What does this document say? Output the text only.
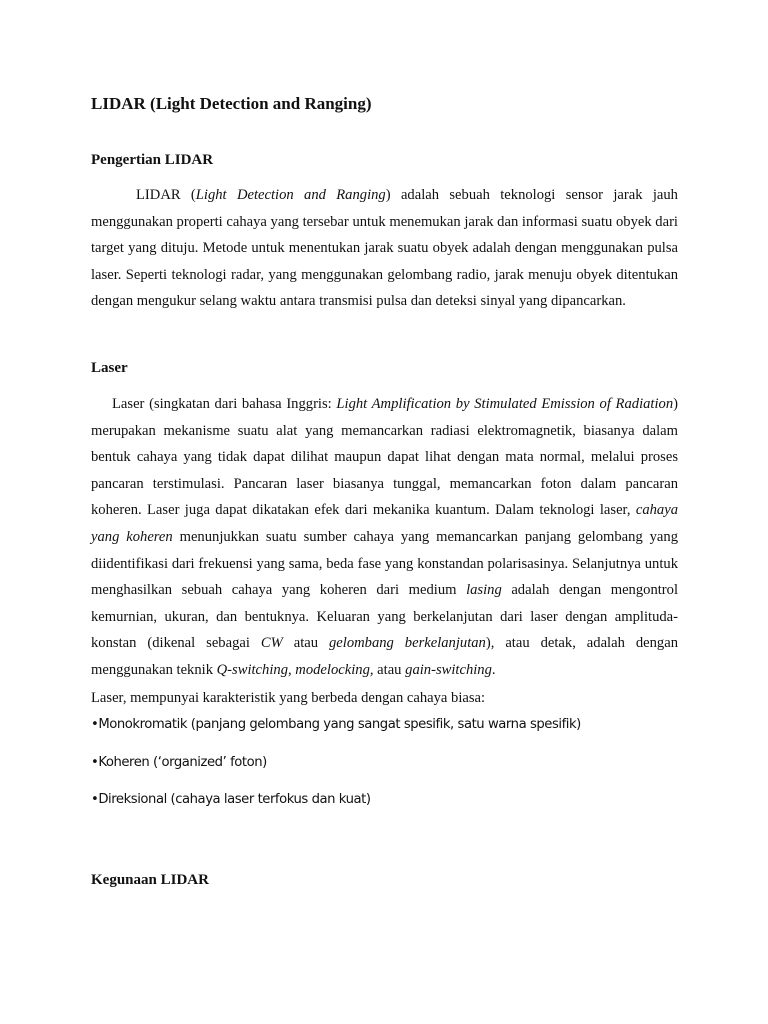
LIDAR (Light Detection and Ranging)
Pengertian LIDAR

LIDAR (Light Detection and Ranging) adalah sebuah teknologi sensor jarak jauh menggunakan properti cahaya yang tersebar untuk menemukan jarak dan informasi suatu obyek dari target yang dituju. Metode untuk menentukan jarak suatu obyek adalah dengan menggunakan pulsa laser. Seperti teknologi radar, yang menggunakan gelombang radio, jarak menuju obyek ditentukan dengan mengukur selang waktu antara transmisi pulsa dan deteksi sinyal yang dipancarkan.

Laser

Laser (singkatan dari bahasa Inggris: Light Amplification by Stimulated Emission of Radiation) merupakan mekanisme suatu alat yang memancarkan radiasi elektromagnetik, biasanya dalam bentuk cahaya yang tidak dapat dilihat maupun dapat lihat dengan mata normal, melalui proses pancaran terstimulasi. Pancaran laser biasanya tunggal, memancarkan foton dalam pancaran koheren. Laser juga dapat dikatakan efek dari mekanika kuantum. Dalam teknologi laser, cahaya yang koheren menunjukkan suatu sumber cahaya yang memancarkan panjang gelombang yang diidentifikasi dari frekuensi yang sama, beda fase yang konstandan polarisasinya. Selanjutnya untuk menghasilkan sebuah cahaya yang koheren dari medium lasing adalah dengan mengontrol kemurnian, ukuran, dan bentuknya. Keluaran yang berkelanjutan dari laser dengan amplituda-konstan (dikenal sebagai CW atau gelombang berkelanjutan), atau detak, adalah dengan menggunakan teknik Q-switching, modelocking, atau gain-switching.

Laser, mempunyai karakteristik yang berbeda dengan cahaya biasa:

•Monokromatik (panjang gelombang yang sangat spesifik, satu warna spesifik)

•Koheren (‘organized’ foton)

•Direksional (cahaya laser terfokus dan kuat)

Kegunaan LIDAR
